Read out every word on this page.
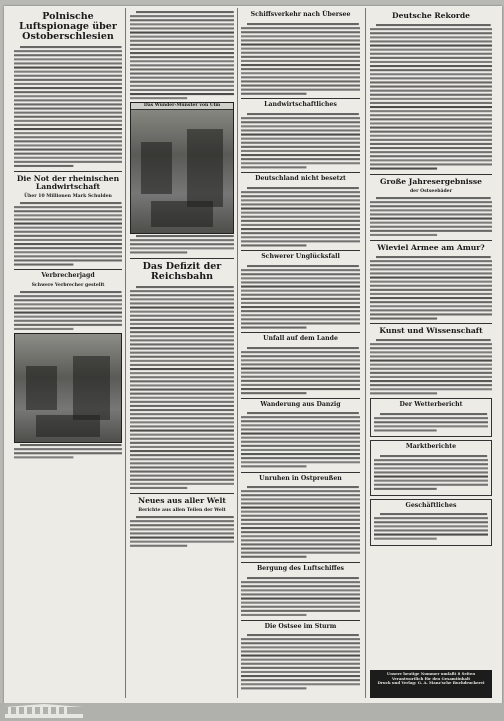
Polnische Luftspionage über Ostoberschlesien
Die Not der rheinischen Landwirtschaft
Über 10 Millionen Mark Schulden
Verbrecherjagd
Schwere Verbrecher gestellt
Das Wunder-Münster von Ulm
Das Defizit der Reichsbahn
Neues aus aller Welt
Berichte aus allen Teilen der Welt
Schiffsverkehr nach Übersee
Landwirtschaftliches
Deutschland nicht besetzt
Schwerer Unglücksfall
Unfall auf dem Lande
Wanderung aus Danzig
Unruhen in Ostpreußen
Bergung des Luftschiffes
Die Ostsee im Sturm
Deutsche Rekorde
Große Jahresergebnisse
der Ostseebäder
Wieviel Armee am Amur?
Kunst und Wissenschaft
Der Wetterbericht
Marktberichte
Geschäftliches
Unsere heutige Nummer umfaßt 8 Seiten
Verantwortlich für den Gesamtinhalt
Druck und Verlag: G. A. Manz'sche Buchdruckerei
